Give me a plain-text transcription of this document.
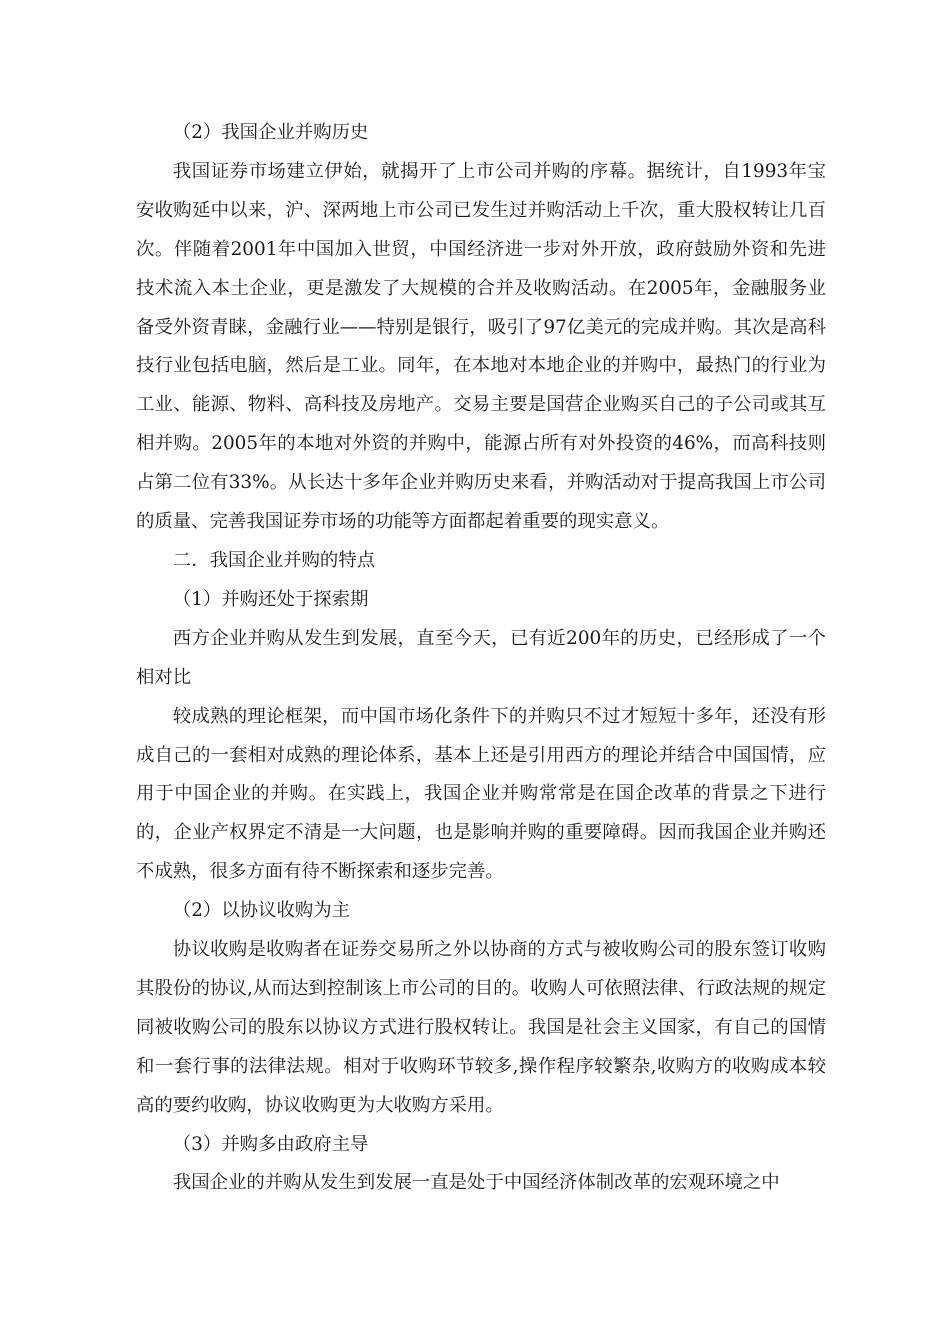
（2）我国企业并购历史

我国证券市场建立伊始，就揭开了上市公司并购的序幕。据统计，自1993年宝安收购延中以来，沪、深两地上市公司已发生过并购活动上千次，重大股权转让几百次。伴随着2001年中国加入世贸，中国经济进一步对外开放，政府鼓励外资和先进技术流入本土企业，更是激发了大规模的合并及收购活动。在2005年，金融服务业备受外资青睐，金融行业——特别是银行，吸引了97亿美元的完成并购。其次是高科技行业包括电脑，然后是工业。同年，在本地对本地企业的并购中，最热门的行业为工业、能源、物料、高科技及房地产。交易主要是国营企业购买自己的子公司或其互相并购。2005年的本地对外资的并购中，能源占所有对外投资的46%，而高科技则占第二位有33%。从长达十多年企业并购历史来看，并购活动对于提高我国上市公司的质量、完善我国证券市场的功能等方面都起着重要的现实意义。

二．我国企业并购的特点

（1）并购还处于探索期

西方企业并购从发生到发展，直至今天，已有近200年的历史，已经形成了一个相对比

较成熟的理论框架，而中国市场化条件下的并购只不过才短短十多年，还没有形成自己的一套相对成熟的理论体系，基本上还是引用西方的理论并结合中国国情，应用于中国企业的并购。在实践上，我国企业并购常常是在国企改革的背景之下进行的，企业产权界定不清是一大问题，也是影响并购的重要障碍。因而我国企业并购还不成熟，很多方面有待不断探索和逐步完善。

（2）以协议收购为主

协议收购是收购者在证券交易所之外以协商的方式与被收购公司的股东签订收购其股份的协议,从而达到控制该上市公司的目的。收购人可依照法律、行政法规的规定同被收购公司的股东以协议方式进行股权转让。我国是社会主义国家，有自己的国情和一套行事的法律法规。相对于收购环节较多,操作程序较繁杂,收购方的收购成本较高的要约收购，协议收购更为大收购方采用。

（3）并购多由政府主导

我国企业的并购从发生到发展一直是处于中国经济体制改革的宏观环境之中
